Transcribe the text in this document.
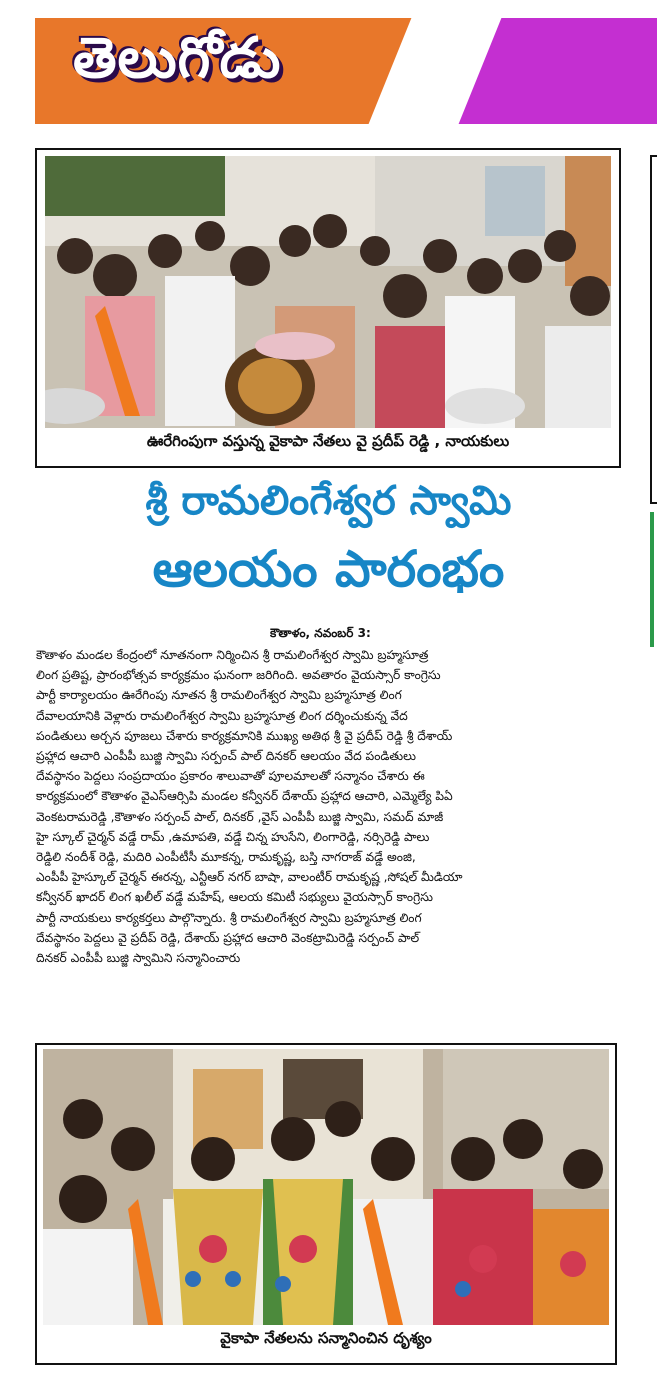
తెలుగోడు
ఊరేగింపుగా వస్తున్న వైకాపా నేతలు వై ప్రదీప్ రెడ్డి , నాయకులు
శ్రీ రామలింగేశ్వర స్వామి
ఆలయం పారంభం
కౌతాళం, నవంబర్ 3:
కౌతాళం మండల కేంద్రంలో నూతనంగా నిర్మించిన శ్రీ రామలింగేశ్వర స్వామి బ్రహ్మసూత్ర
లింగ ప్రతిష్ట, ప్రారంభోత్సవ కార్యక్రమం ఘనంగా జరిగింది. అవతారం వైయస్సార్ కాంగ్రెసు
పార్టీ కార్యాలయం ఊరేగింపు నూతన శ్రీ రామలింగేశ్వర స్వామి బ్రహ్మసూత్ర లింగ
దేవాలయానికి వెళ్లారు రామలింగేశ్వర స్వామి బ్రహ్మసూత్ర లింగ దర్శించుకున్న వేద
పండితులు అర్చన పూజలు చేశారు కార్యక్రమానికి ముఖ్య అతిథ శ్రీ వై ప్రదీప్ రెడ్డి శ్రీ దేశాయ్
ప్రహ్లాద ఆచారి ఎంపీపీ బుజ్జి స్వామి సర్పంచ్ పాల్ దినకర్ ఆలయం వేద పండితులు
దేవస్థానం పెద్దలు సంప్రదాయం ప్రకారం శాలువాతో పూలమాలతో సన్మానం చేశారు ఈ
కార్యక్రమంలో కౌతాళం వైఎస్ఆర్సిపి మండల కన్వీనర్ దేశాయ్ ప్రహ్లాద ఆచారి, ఎమ్మెల్యే పిఏ
వెంకటరామరెడ్డి ,కౌతాళం సర్పంచ్ పాల్, దినకర్ ,వైస్ ఎంపీపీ బుజ్జి స్వామి, సమద్ మాజీ
హై స్కూల్ చైర్మన్ వడ్డే రామ్ ,ఉమాపతి, వడ్డే చిన్న హుసేని, లింగారెడ్డి, నర్సిరెడ్డి పాలు
రెడ్డిలి నందీశ్ రెడ్డి, మదిరి ఎంపీటీసీ మూకన్న, రామకృష్ణ, బస్తి నాగరాజ్ వడ్డే అంజి,
ఎంపీపీ హైస్కూల్ చైర్మన్ ఈరన్న, ఎన్టీఆర్ నగర్ బాషా, వాలంటీర్ రామకృష్ణ ,సోషల్ మీడియా
కన్వీనర్ ఖాదర్ లింగ ఖలీల్ వడ్డే మహేష్, ఆలయ కమిటీ సభ్యులు వైయస్సార్ కాంగ్రెసు
పార్టీ నాయకులు కార్యకర్తలు పాల్గొన్నారు. శ్రీ రామలింగేశ్వర స్వామి బ్రహ్మసూత్ర లింగ
దేవస్థానం పెద్దలు వై ప్రదీప్ రెడ్డి, దేశాయ్ ప్రహ్లాద ఆచారి వెంకట్రామిరెడ్డి సర్పంచ్ పాల్
దినకర్ ఎంపీపీ బుజ్జి స్వామిని సన్మానించారు
వైకాపా నేతలను సన్మానించిన దృశ్యం
